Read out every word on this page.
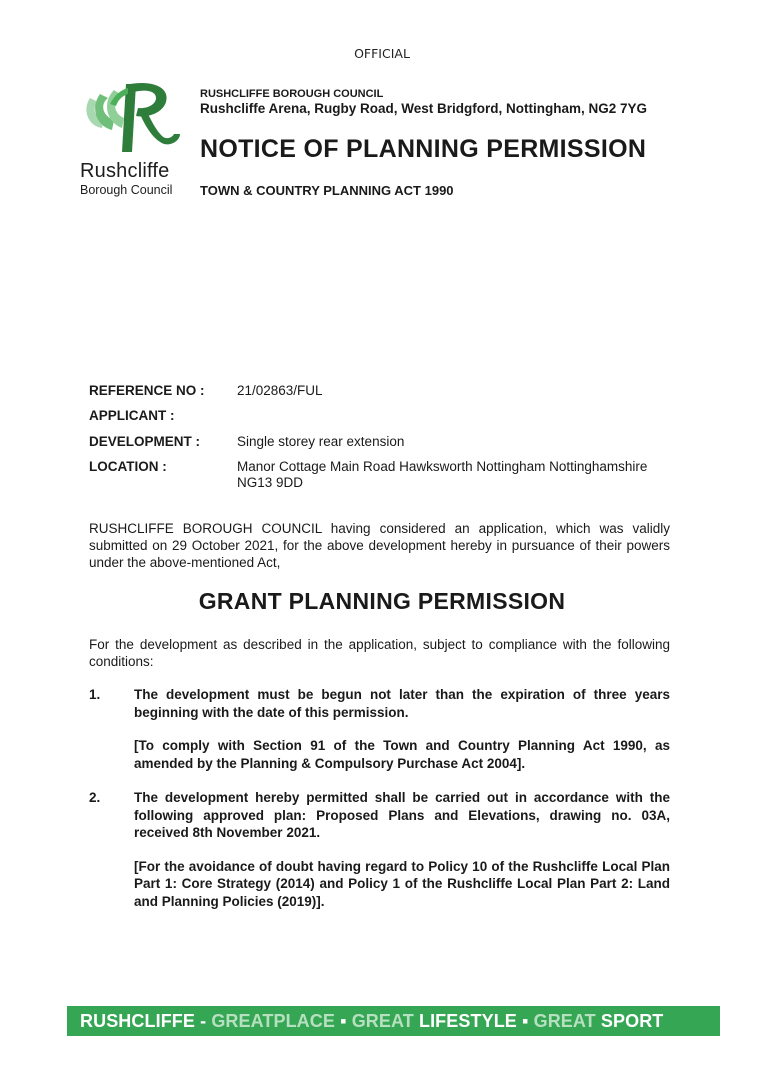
OFFICIAL
Rushcliffe
Borough Council
RUSHCLIFFE BOROUGH COUNCIL
Rushcliffe Arena, Rugby Road, West Bridgford, Nottingham, NG2 7YG
NOTICE OF PLANNING PERMISSION
TOWN & COUNTRY PLANNING ACT 1990
REFERENCE NO : 21/02863/FUL
APPLICANT :
DEVELOPMENT :	Single storey rear extension
LOCATION :	Manor Cottage Main Road Hawksworth Nottingham Nottinghamshire
NG13 9DD
RUSHCLIFFE BOROUGH COUNCIL having considered an application, which was validly submitted on 29 October 2021, for the above development hereby in pursuance of their powers under the above-mentioned Act,
GRANT PLANNING PERMISSION
For the development as described in the application, subject to compliance with the following conditions:
1. The development must be begun not later than the expiration of three years beginning with the date of this permission.

[To comply with Section 91 of the Town and Country Planning Act 1990, as amended by the Planning & Compulsory Purchase Act 2004].

2. The development hereby permitted shall be carried out in accordance with the following approved plan: Proposed Plans and Elevations, drawing no. 03A, received 8th November 2021.

[For the avoidance of doubt having regard to Policy 10 of the Rushcliffe Local Plan Part 1: Core Strategy (2014) and Policy 1 of the Rushcliffe Local Plan Part 2: Land and Planning Policies (2019)].

RUSHCLIFFE - GREATPLACE ▪ GREAT LIFESTYLE ▪ GREAT SPORT
